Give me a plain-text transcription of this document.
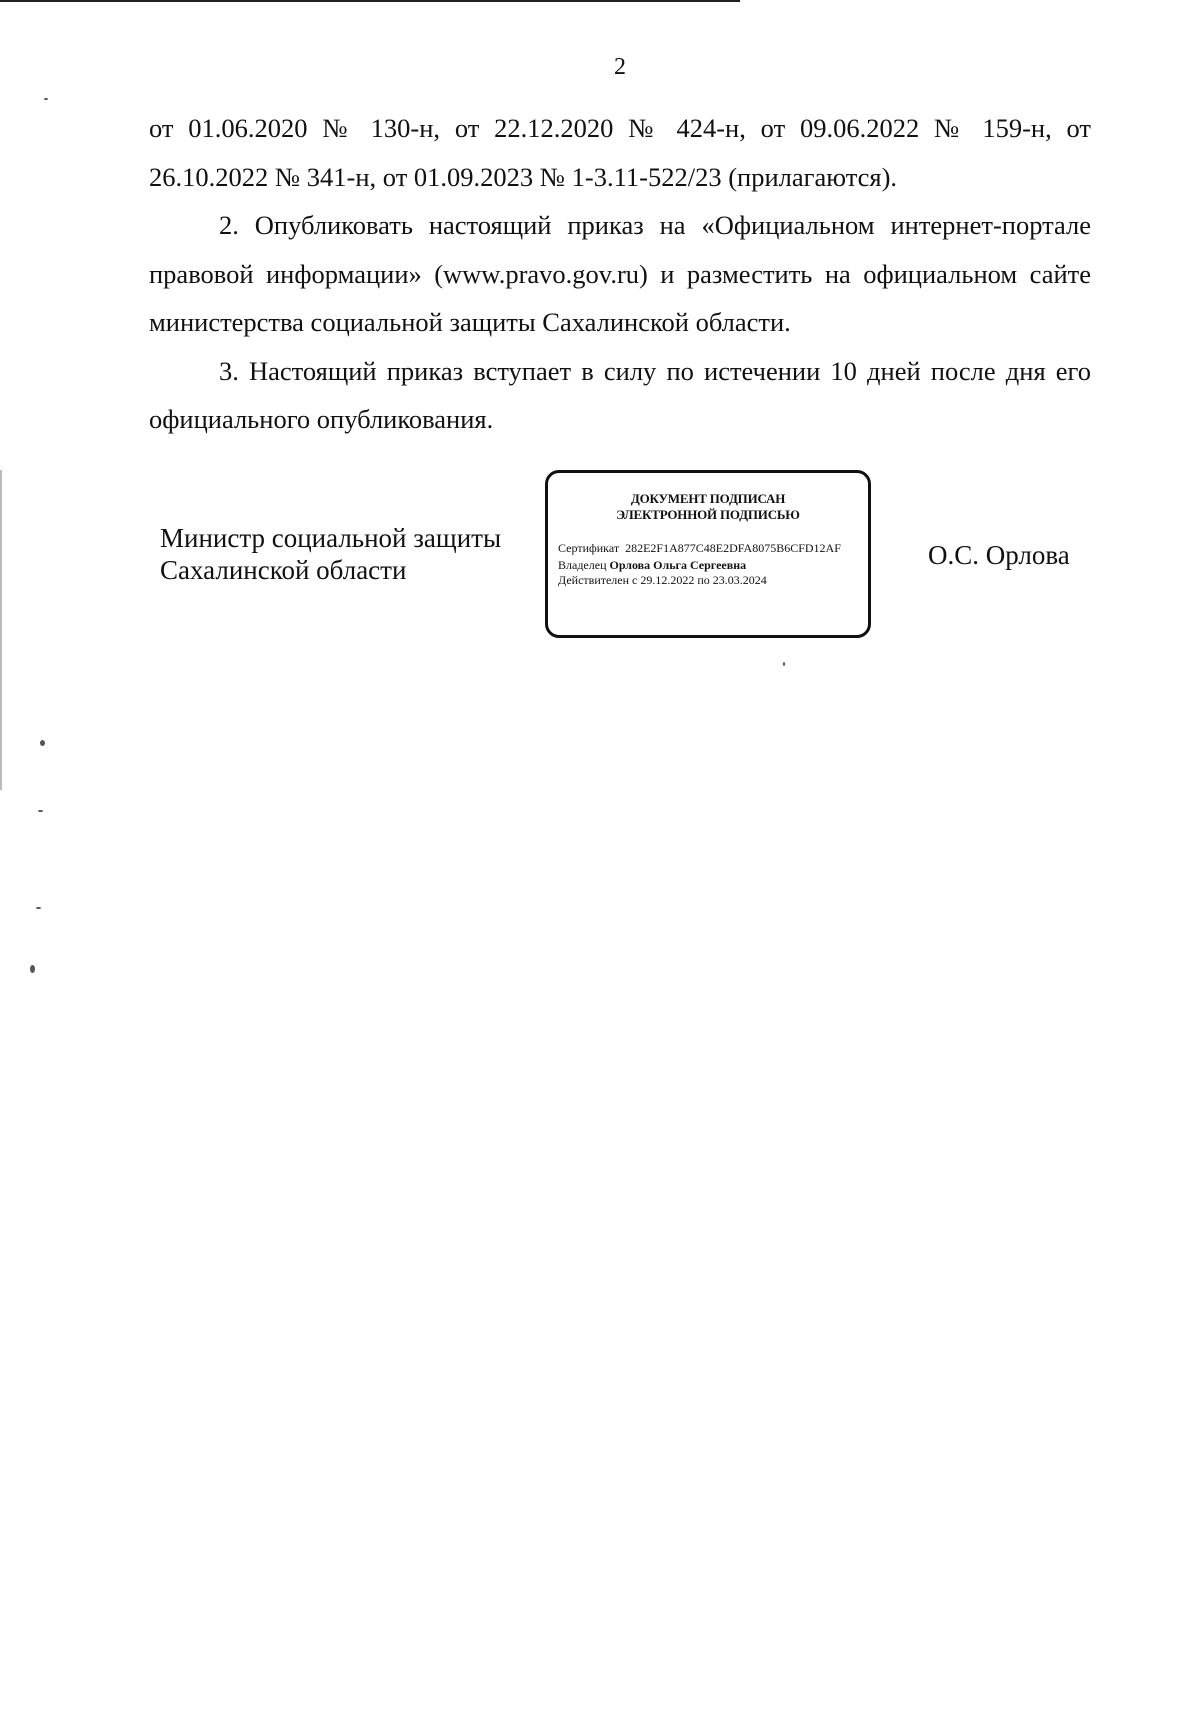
2

от 01.06.2020 № 130-н, от 22.12.2020 № 424-н, от 09.06.2022 № 159-н, от 26.10.2022 № 341-н, от 01.09.2023 № 1-3.11-522/23 (прилагаются).

2. Опубликовать настоящий приказ на «Официальном интернет-портале правовой информации» (www.pravo.gov.ru) и разместить на официальном сайте министерства социальной защиты Сахалинской области.

3. Настоящий приказ вступает в силу по истечении 10 дней после дня его официального опубликования.

Министр социальной защиты
Сахалинской области
ДОКУМЕНТ ПОДПИСАН
ЭЛЕКТРОННОЙ ПОДПИСЬЮ
Сертификат 282E2F1A877C48E2DFA8075B6CFD12AF
Владелец Орлова Ольга Сергеевна
Действителен с 29.12.2022 по 23.03.2024
О.С. Орлова
